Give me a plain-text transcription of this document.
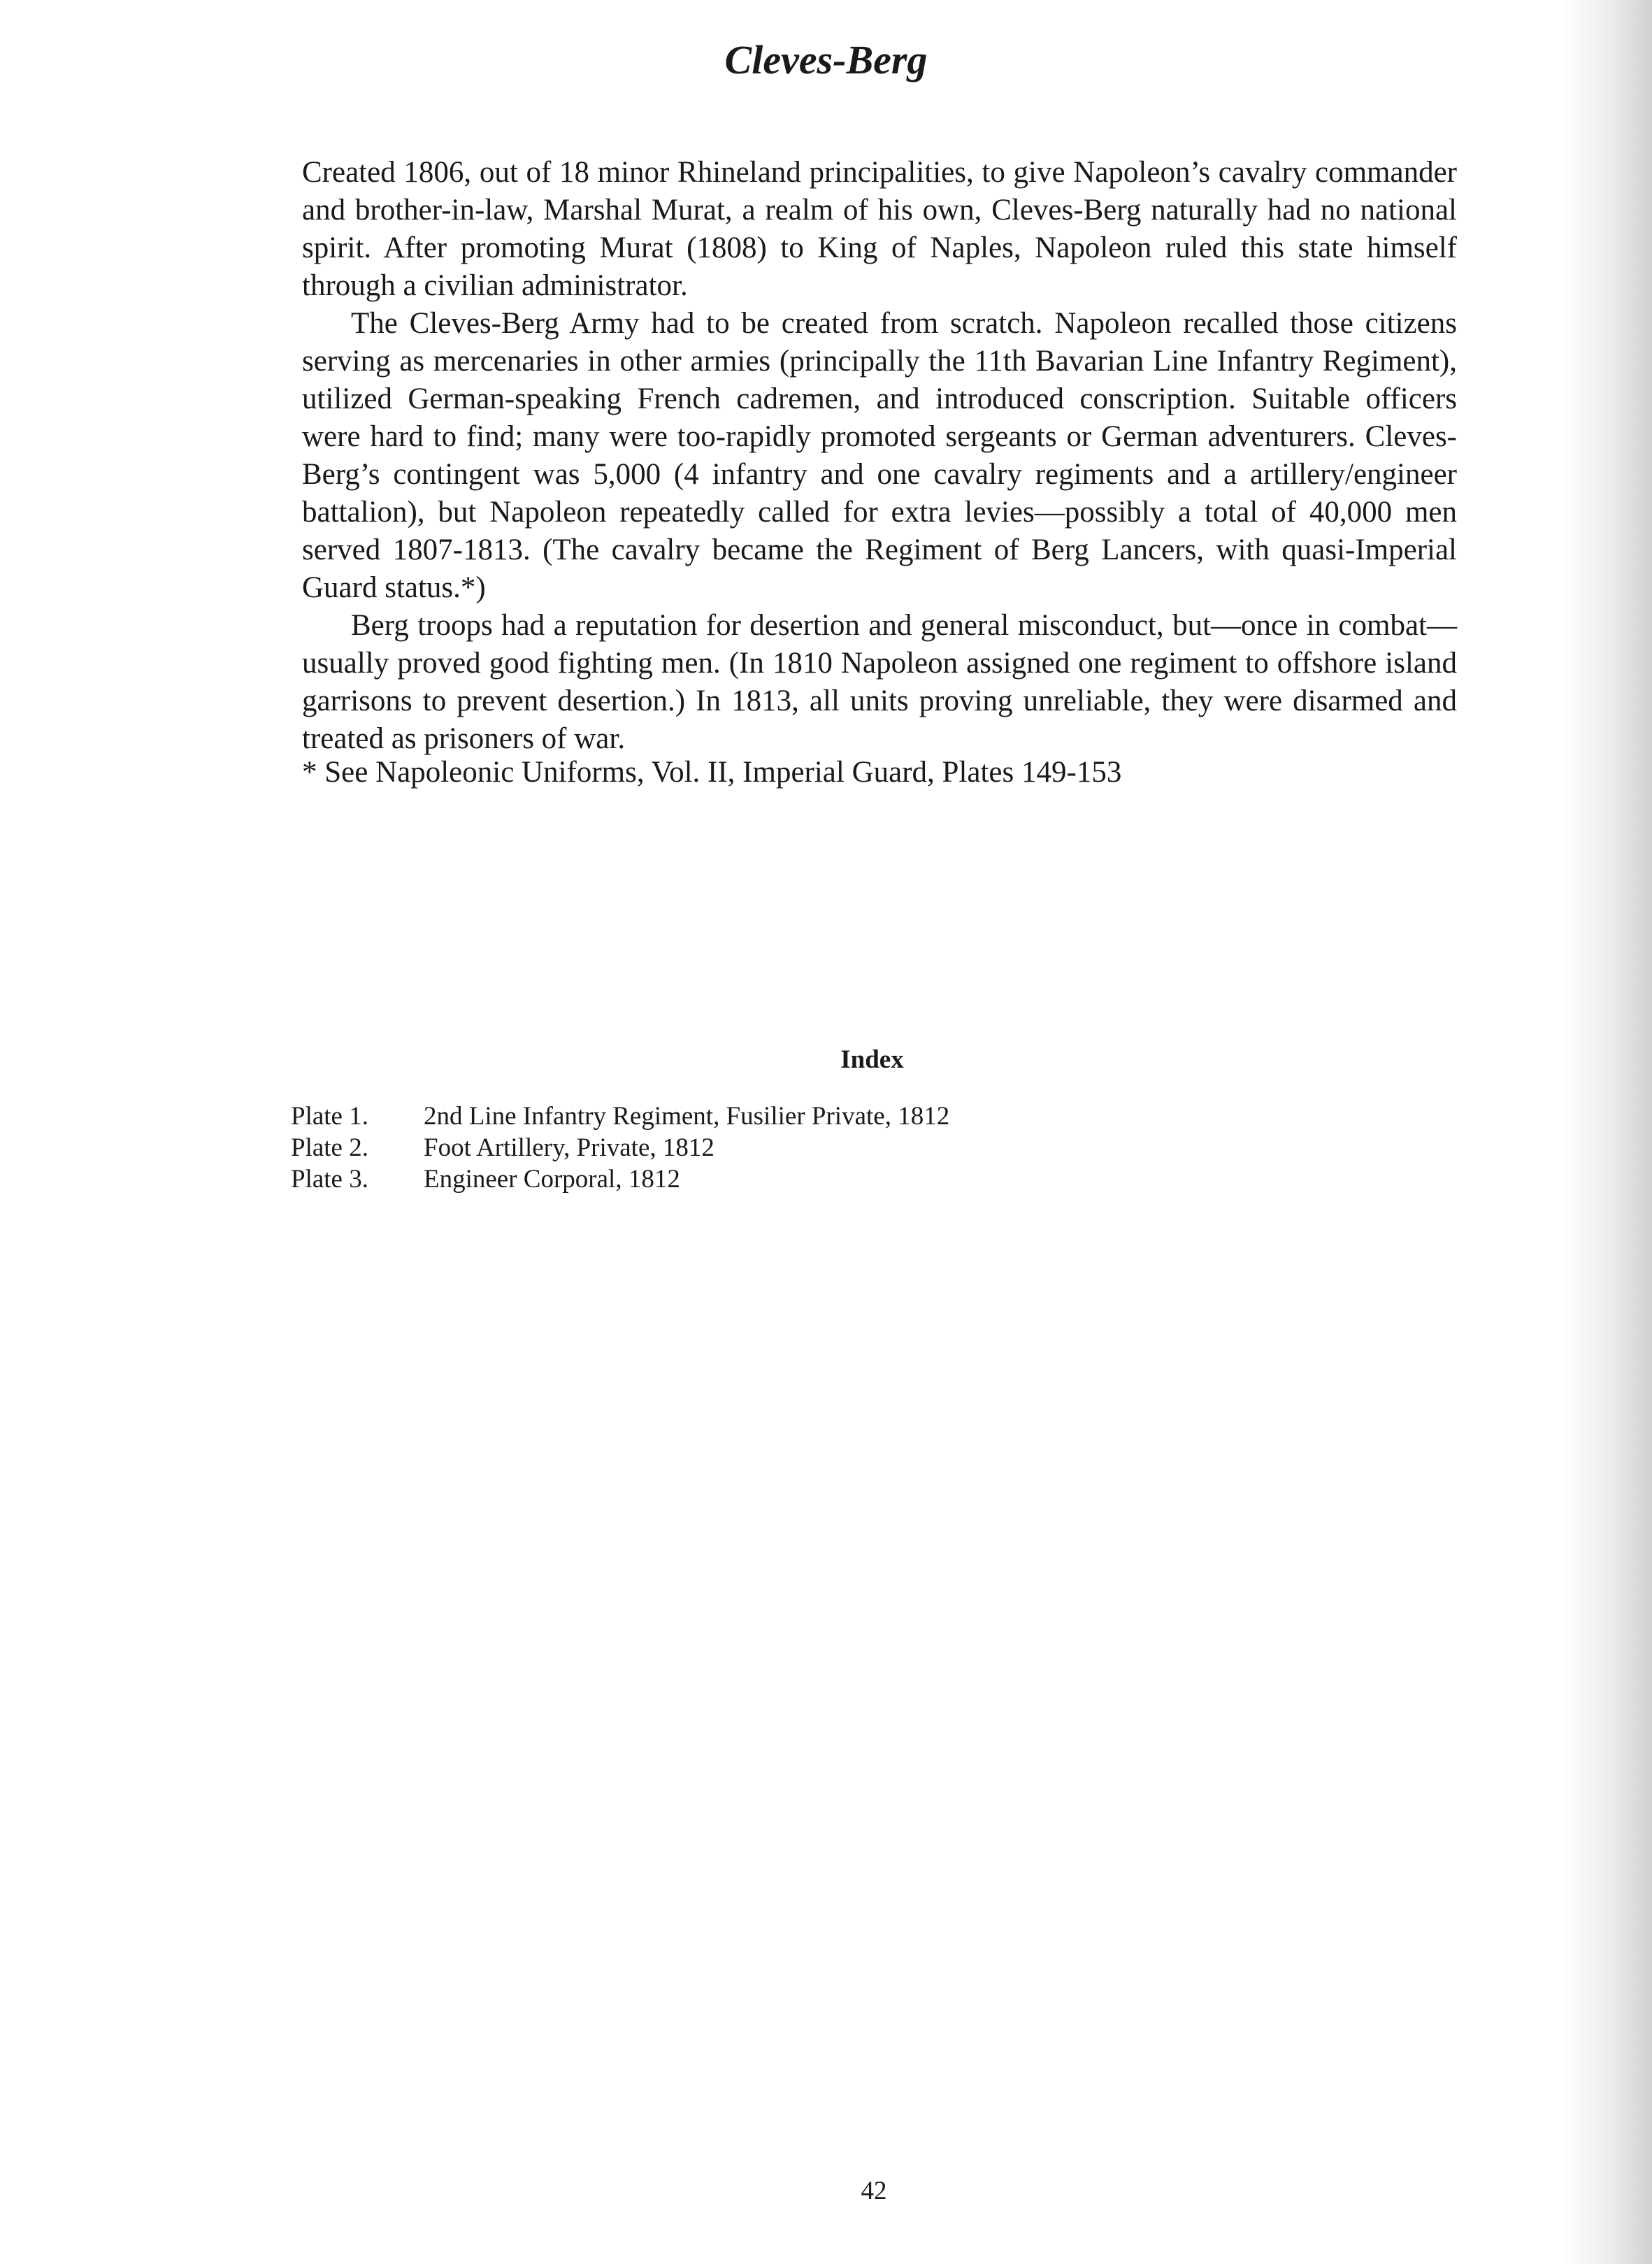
Cleves-Berg

Created 1806, out of 18 minor Rhineland principalities, to give Napoleon’s cavalry commander and brother-in-law, Marshal Murat, a realm of his own, Cleves-Berg naturally had no national spirit. After promoting Murat (1808) to King of Naples, Napoleon ruled this state himself through a civilian administrator.

The Cleves-Berg Army had to be created from scratch. Napoleon recalled those citizens serving as mercenaries in other armies (principally the 11th Bavarian Line Infantry Regiment), utilized German-speaking French cadremen, and introduced conscription. Suitable officers were hard to find; many were too-rapidly promoted sergeants or German adventurers. Cleves-Berg’s contingent was 5,000 (4 infantry and one cavalry regiments and a artillery/engineer battalion), but Napoleon repeatedly called for extra levies—possibly a total of 40,000 men served 1807-1813. (The cavalry became the Regiment of Berg Lancers, with quasi-Imperial Guard status.*)

Berg troops had a reputation for desertion and general misconduct, but—once in combat—usually proved good fighting men. (In 1810 Napoleon assigned one regiment to offshore island garrisons to prevent desertion.) In 1813, all units proving unreliable, they were disarmed and treated as prisoners of war.

* See Napoleonic Uniforms, Vol. II, Imperial Guard, Plates 149-153

Index
Plate 1.	2nd Line Infantry Regiment, Fusilier Private, 1812
Plate 2.	Foot Artillery, Private, 1812
Plate 3.	Engineer Corporal, 1812
42
